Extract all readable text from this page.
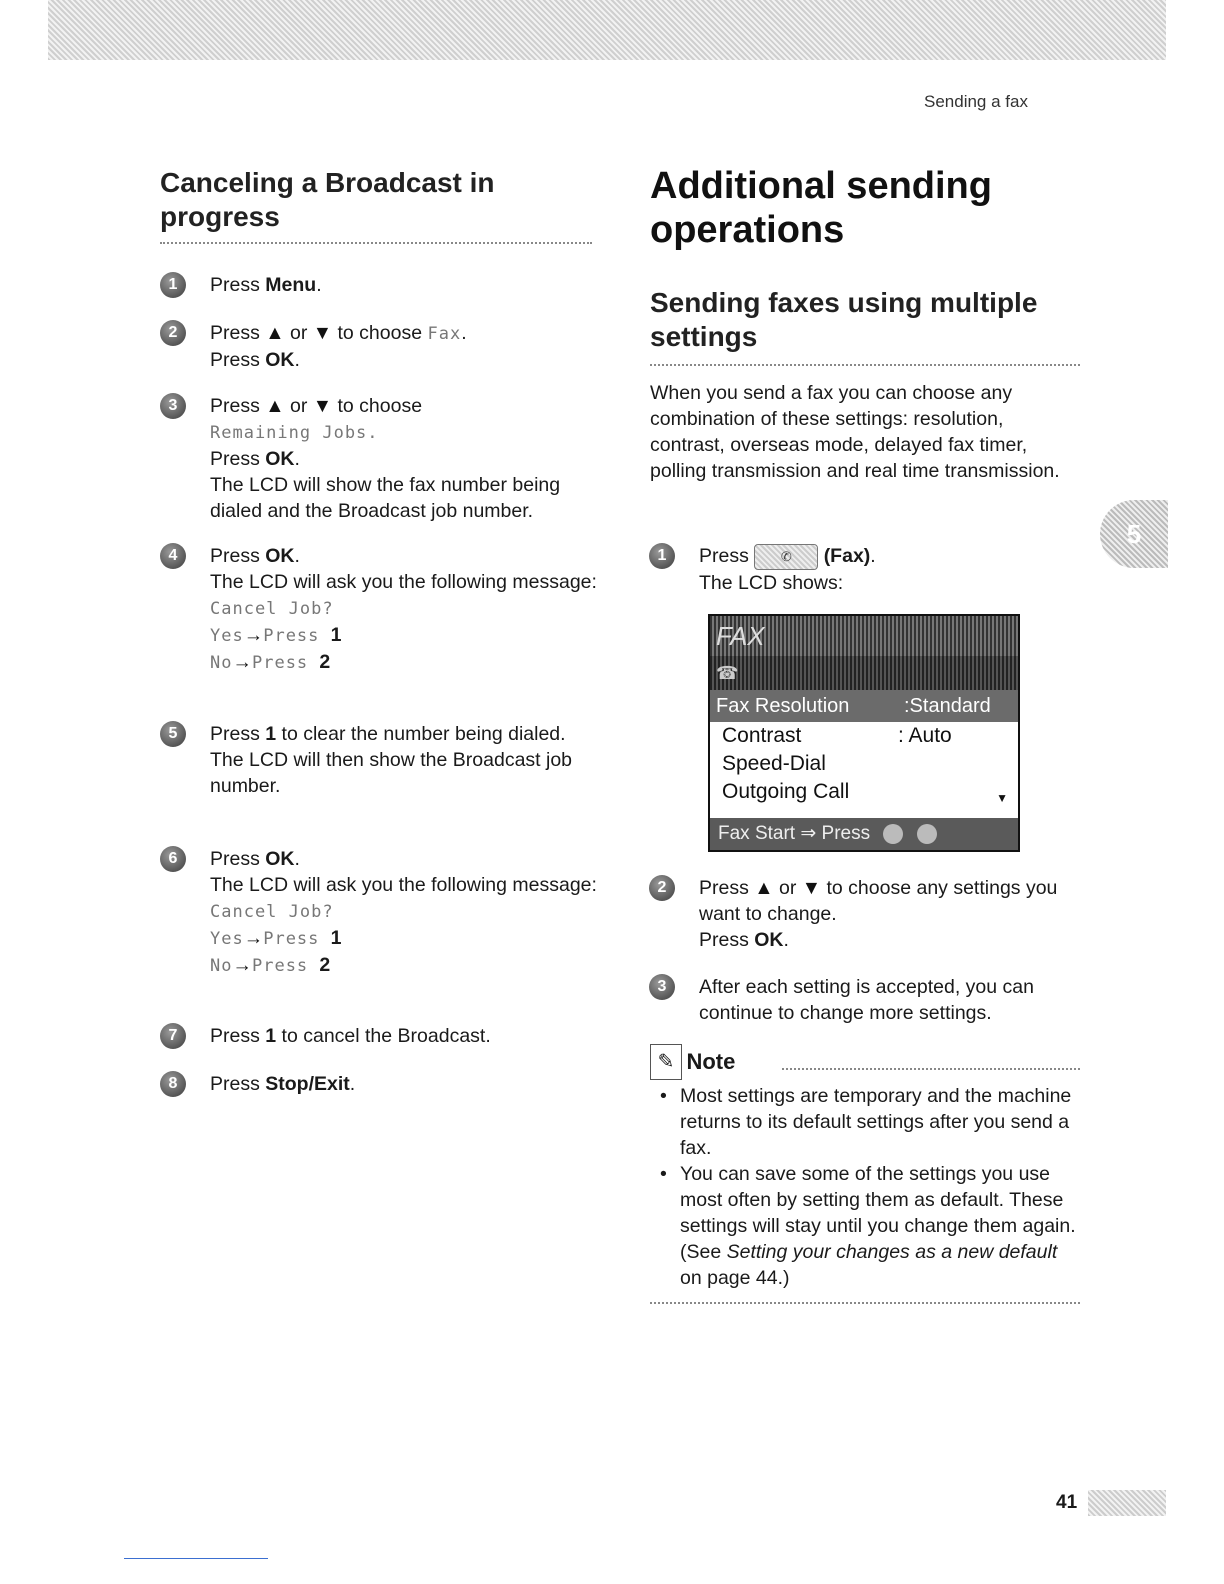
Sending a fax
Canceling a Broadcast in progress
1	Press Menu.
2	Press ▲ or ▼ to choose Fax.
Press OK.
3	Press ▲ or ▼ to choose
Remaining Jobs.
Press OK.
The LCD will show the fax number being dialed and the Broadcast job number.
4	Press OK.
The LCD will ask you the following message:
Cancel Job?
Yes→Press 1
No→Press 2
5	Press 1 to clear the number being dialed.
The LCD will then show the Broadcast job number.
6	Press OK.
The LCD will ask you the following message:
Cancel Job?
Yes→Press 1
No→Press 2
7	Press 1 to cancel the Broadcast.
8	Press Stop/Exit.
Additional sending operations
Sending faxes using multiple settings
When you send a fax you can choose any combination of these settings: resolution, contrast, overseas mode, delayed fax timer, polling transmission and real time transmission.
1	Press ✆ (Fax).
The LCD shows:
FAX
☎
Fax Resolution	:Standard
Contrast	: Auto
Speed-Dial
Outgoing Call	▼
Fax Start ⇒ Press
2	Press ▲ or ▼ to choose any settings you want to change.
Press OK.
3	After each setting is accepted, you can continue to change more settings.
✎ Note
• Most settings are temporary and the machine returns to its default settings after you send a fax.
• You can save some of the settings you use most often by setting them as default. These settings will stay until you change them again. (See Setting your changes as a new default on page 44.)
5
41
